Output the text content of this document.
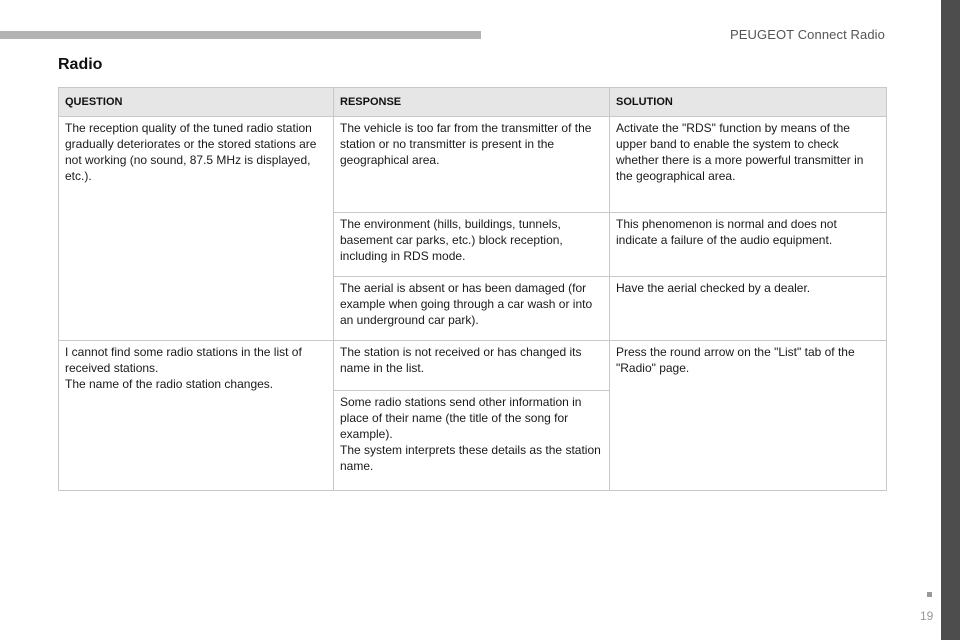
PEUGEOT Connect Radio
Radio
QUESTION	RESPONSE	SOLUTION
The reception quality of the tuned radio station gradually deteriorates or the stored stations are not working (no sound, 87.5 MHz is displayed, etc.).	The vehicle is too far from the transmitter of the station or no transmitter is present in the geographical area.	Activate the "RDS" function by means of the upper band to enable the system to check whether there is a more powerful transmitter in the geographical area.
	The environment (hills, buildings, tunnels, basement car parks, etc.) block reception, including in RDS mode.	This phenomenon is normal and does not indicate a failure of the audio equipment.
	The aerial is absent or has been damaged (for example when going through a car wash or into an underground car park).	Have the aerial checked by a dealer.

I cannot find some radio stations in the list of received stations.
The name of the radio station changes.	The station is not received or has changed its name in the list.	Press the round arrow on the "List" tab of the "Radio" page.

	Some radio stations send other information in place of their name (the title of the song for example).
The system interprets these details as the station name.	
19
